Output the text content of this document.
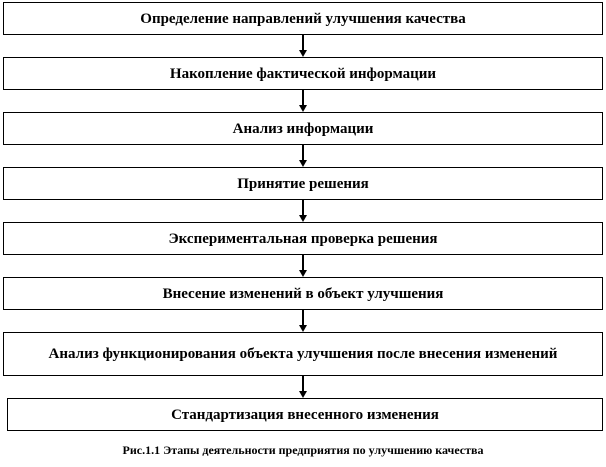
Определение направлений улучшения качества
Накопление фактической информации
Анализ информации
Принятие решения
Экспериментальная проверка решения
Внесение изменений в объект улучшения
Анализ функционирования объекта улучшения после внесения изменений
Стандартизация внесенного изменения
Рис.1.1 Этапы деятельности предприятия по улучшению качества
